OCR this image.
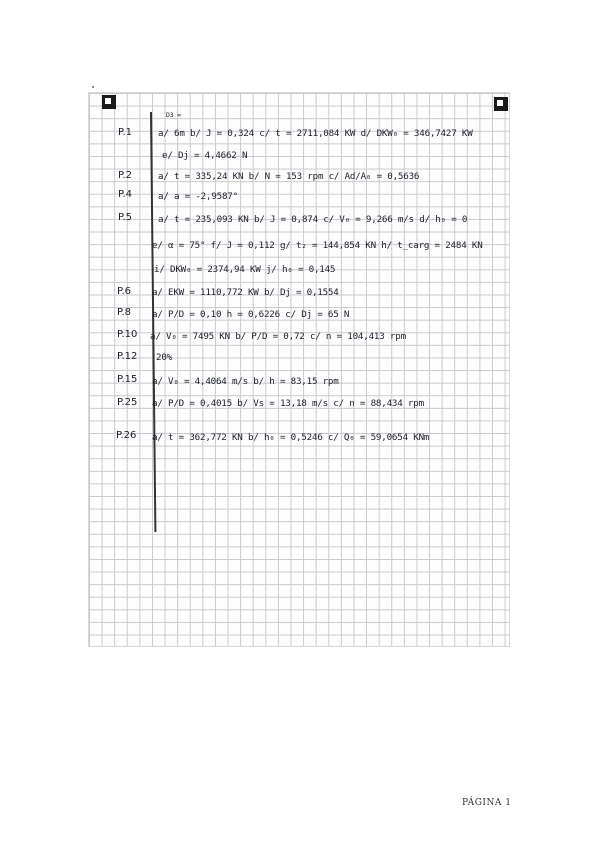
D3 =
P.1
P.2
P.4
P.5
P.6
P.8
P.10
P.12
P.15
P.25
P.26
a/ 6m b/ J = 0,324 c/ t = 2711,084 KW d/ DKW₀ = 346,7427 KW
e/ Dj = 4,4662 N
a/ t = 335,24 KN b/ N = 153 rpm c/ Ad/A₀ = 0,5636
a/ a = -2,9587°
a/ t = 235,093 KN b/ J = 0,874 c/ V₀ = 9,266 m/s d/ h₀ = 0
e/ α = 75° f/ J = 0,112 g/ t₂ = 144,854 KN h/ t_carg = 2484 KN
i/ DKW₀ = 2374,94 KW j/ h₀ = 0,145
a/ EKW = 1110,772 KW b/ Dj = 0,1554
a/ P/D = 0,10 h = 0,6226 c/ Dj = 65 N
a/ V₀ = 7495 KN b/ P/D = 0,72 c/ n = 104,413 rpm
20%
a/ V₀ = 4,4064 m/s b/ h = 83,15 rpm
a/ P/D = 0,4015 b/ Vs = 13,18 m/s c/ n = 88,434 rpm
a/ t = 362,772 KN b/ h₀ = 0,5246 c/ Q₀ = 59,0654 KNm
PÁGINA 1
